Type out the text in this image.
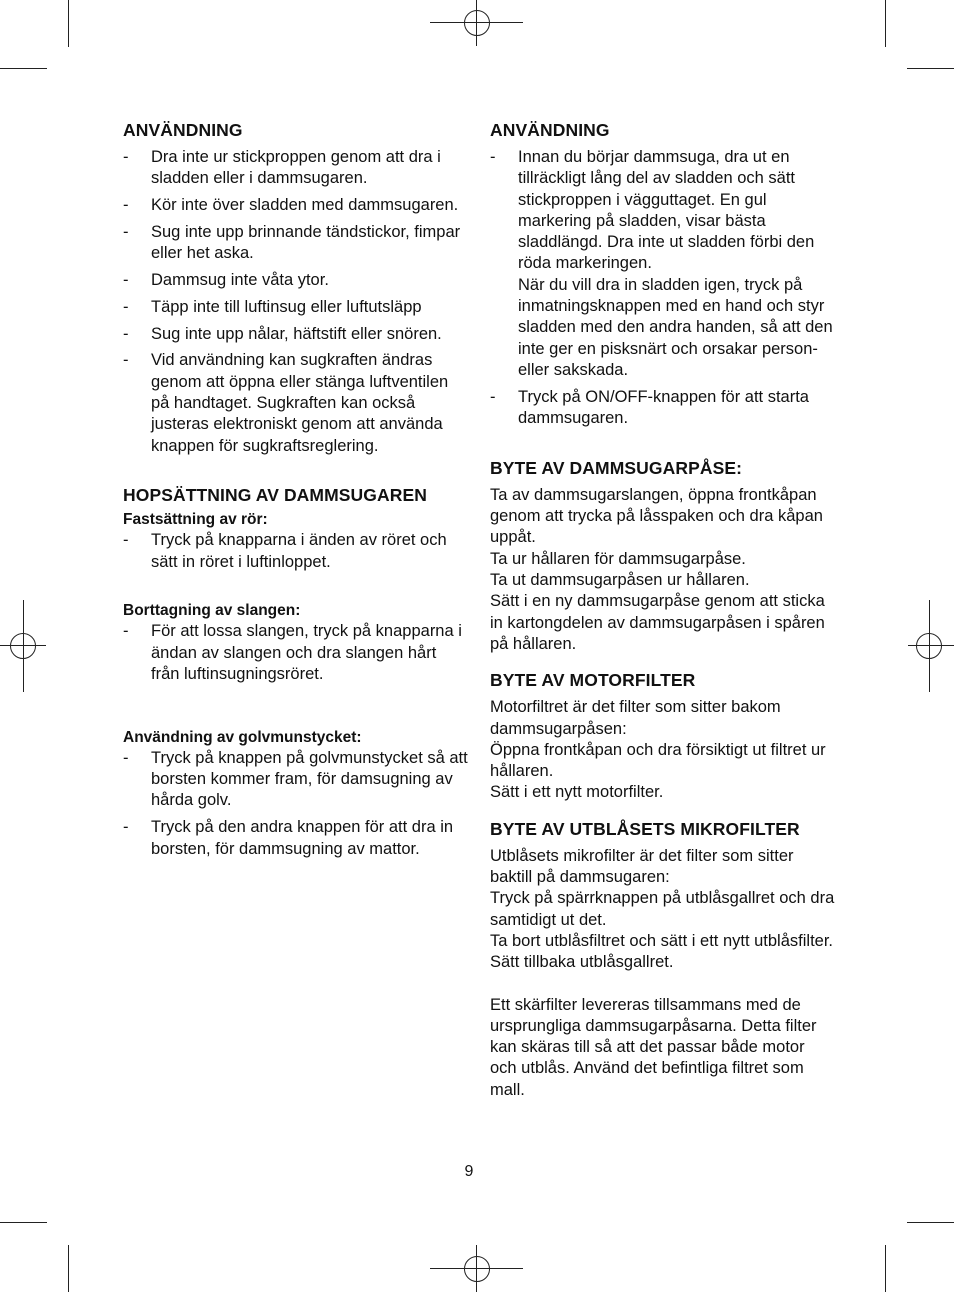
ANVÄNDNING
- Dra inte ur stickproppen genom att dra i sladden eller i dammsugaren.
- Kör inte över sladden med dammsugaren.
- Sug inte upp brinnande tändstickor, fimpar eller het aska.
- Dammsug inte våta ytor.
- Täpp inte till luftinsug eller luftutsläpp
- Sug inte upp nålar, häftstift eller snören.
- Vid användning kan sugkraften ändras genom att öppna eller stänga luftventilen på handtaget. Sugkraften kan också justeras elektroniskt genom att använda knappen för sugkraftsreglering.
HOPSÄTTNING AV DAMMSUGAREN
Fastsättning av rör:
- Tryck på knapparna i änden av röret och sätt in röret i luftinloppet.
Borttagning av slangen:
- För att lossa slangen, tryck på knapparna i ändan av slangen och dra slangen hårt från luftinsugningsröret.
Användning av golvmunstycket:
- Tryck på knappen på golvmunstycket så att borsten kommer fram, för damsugning av hårda golv.
- Tryck på den andra knappen för att dra in borsten, för dammsugning av mattor.
ANVÄNDNING
- Innan du börjar dammsuga, dra ut en tillräckligt lång del av sladden och sätt stickproppen i vägguttaget. En gul markering på sladden, visar bästa sladdlängd. Dra inte ut sladden förbi den röda markeringen.
När du vill dra in sladden igen, tryck på inmatningsknappen med en hand och styr sladden med den andra handen, så att den inte ger en pisksnärt och orsakar person- eller sakskada.
- Tryck på ON/OFF-knappen för att starta dammsugaren.
BYTE AV DAMMSUGARPÅSE:

Ta av dammsugarslangen, öppna frontkåpan genom att trycka på låsspaken och dra kåpan uppåt.

Ta ur hållaren för dammsugarpåse.

Ta ut dammsugarpåsen ur hållaren.

Sätt i en ny dammsugarpåse genom att sticka in kartongdelen av dammsugarpåsen i spåren på hållaren.

BYTE AV MOTORFILTER

Motorfiltret är det filter som sitter bakom dammsugarpåsen:

Öppna frontkåpan och dra försiktigt ut filtret ur hållaren.

Sätt i ett nytt motorfilter.

BYTE AV UTBLÅSETS MIKROFILTER

Utblåsets mikrofilter är det filter som sitter baktill på dammsugaren:

Tryck på spärrknappen på utblåsgallret och dra samtidigt ut det.

Ta bort utblåsfiltret och sätt i ett nytt utblåsfilter.

Sätt tillbaka utblåsgallret.

Ett skärfilter levereras tillsammans med de ursprungliga dammsugarpåsarna. Detta filter kan skäras till så att det passar både motor och utblås. Använd det befintliga filtret som mall.

9
